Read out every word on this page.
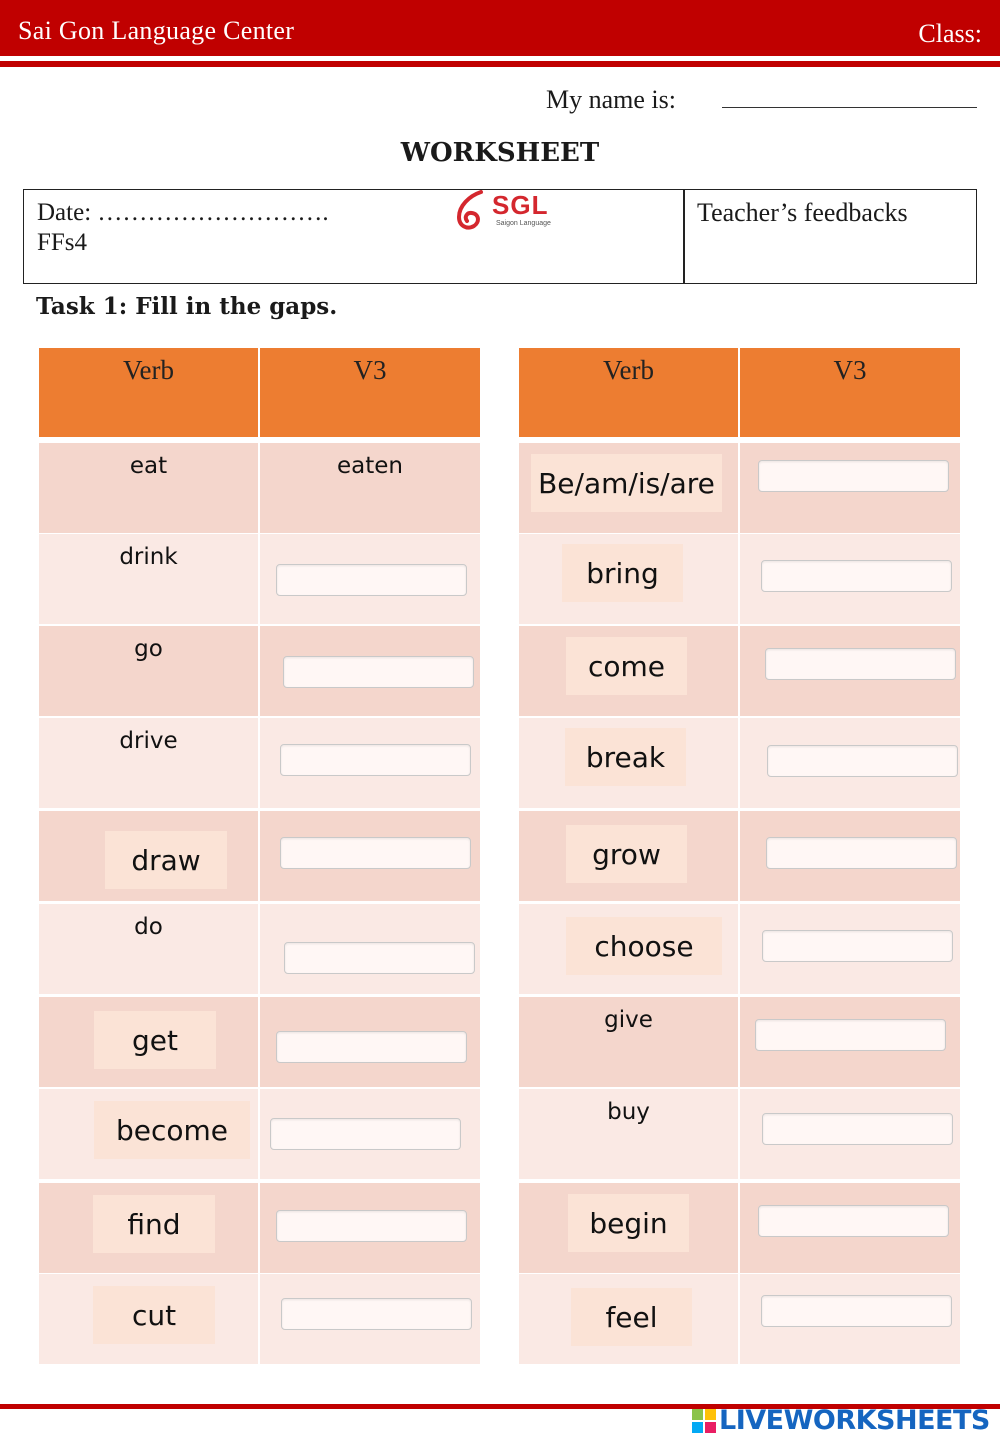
Sai Gon Language Center	Class:
My name is:
WORKSHEET
Date: ……………………….
FFs4
Teacher’s feedbacks
SGL
Saigon Language
Task 1: Fill in the gaps.
Verb	V3
eat	eaten
drink
go
drive
draw
do
get
become
find
cut
Verb	V3
Be/am/is/are
bring
come
break
grow
choose
give
buy
begin
feel
LIVEWORKSHEETS
